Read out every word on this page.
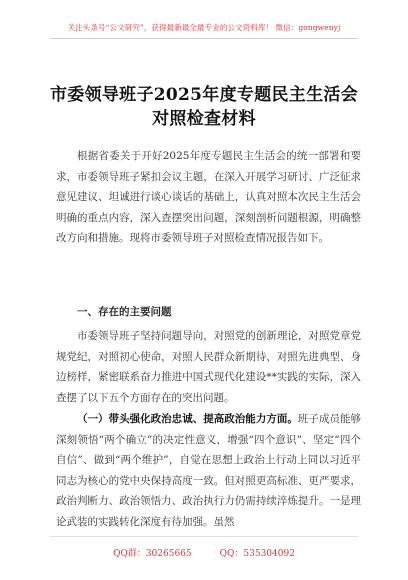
关注头条号“公文研究”，获得最新最全最专业的公文资料库！ 微信：gongwenyj
市委领导班子2025年度专题民主生活会
对照检查材料

根据省委关于开好2025年度专题民主生活会的统一部署和要求，市委领导班子紧扣会议主题，在深入开展学习研讨、广泛征求意见建议、坦诚进行谈心谈话的基础上，认真对照本次民主生活会明确的重点内容，深入查摆突出问题，深刻剖析问题根源，明确整改方向和措施。现将市委领导班子对照检查情况报告如下。

一、存在的主要问题

市委领导班子坚持问题导向，对照党的创新理论，对照党章党规党纪，对照初心使命，对照人民群众新期待，对照先进典型、身边榜样，紧密联系奋力推进中国式现代化建设**实践的实际，深入查摆了以下五个方面存在的突出问题。

（一）带头强化政治忠诚、提高政治能力方面。班子成员能够深刻领悟“两个确立”的决定性意义，增强“四个意识”、坚定“四个自信”、做到“两个维护”，自觉在思想上政治上行动上同以习近平同志为核心的党中央保持高度一致。但对照更高标准、更严要求，政治判断力、政治领悟力、政治执行力仍需持续淬炼提升。一是理论武装的实践转化深度有待加强。虽然

QQ群：30265665	QQ：535304092
